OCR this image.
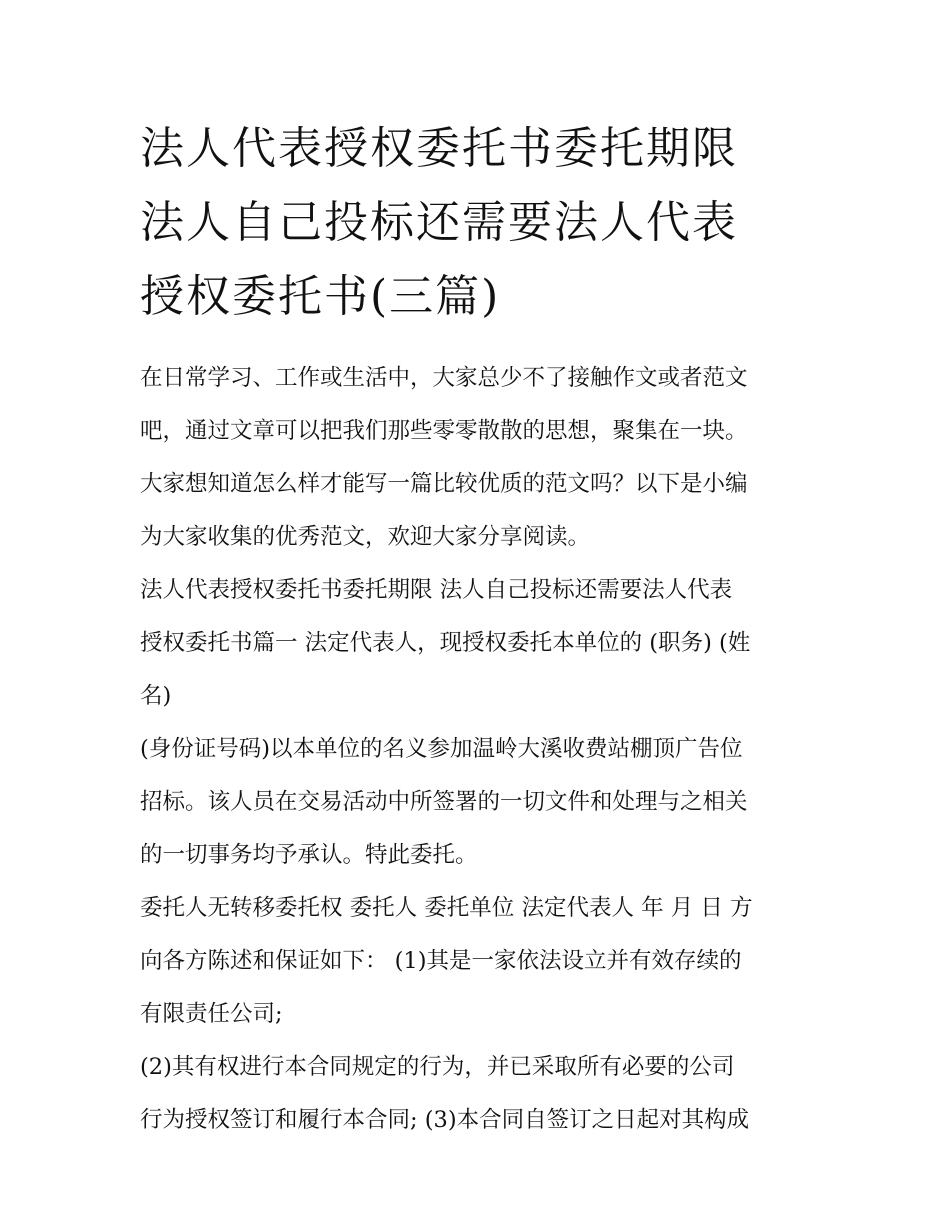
法人代表授权委托书委托期限
法人自己投标还需要法人代表
授权委托书(三篇)
在日常学习、工作或生活中，大家总少不了接触作文或者范文
吧，通过文章可以把我们那些零零散散的思想，聚集在一块。
大家想知道怎么样才能写一篇比较优质的范文吗？以下是小编
为大家收集的优秀范文，欢迎大家分享阅读。
法人代表授权委托书委托期限 法人自己投标还需要法人代表
授权委托书篇一 法定代表人，现授权委托本单位的 (职务) (姓
名)
(身份证号码)以本单位的名义参加温岭大溪收费站棚顶广告位
招标。该人员在交易活动中所签署的一切文件和处理与之相关
的一切事务均予承认。特此委托。
委托人无转移委托权 委托人 委托单位 法定代表人 年 月 日 方
向各方陈述和保证如下： (1)其是一家依法设立并有效存续的
有限责任公司;
(2)其有权进行本合同规定的行为，并已采取所有必要的公司
行为授权签订和履行本合同; (3)本合同自签订之日起对其构成
